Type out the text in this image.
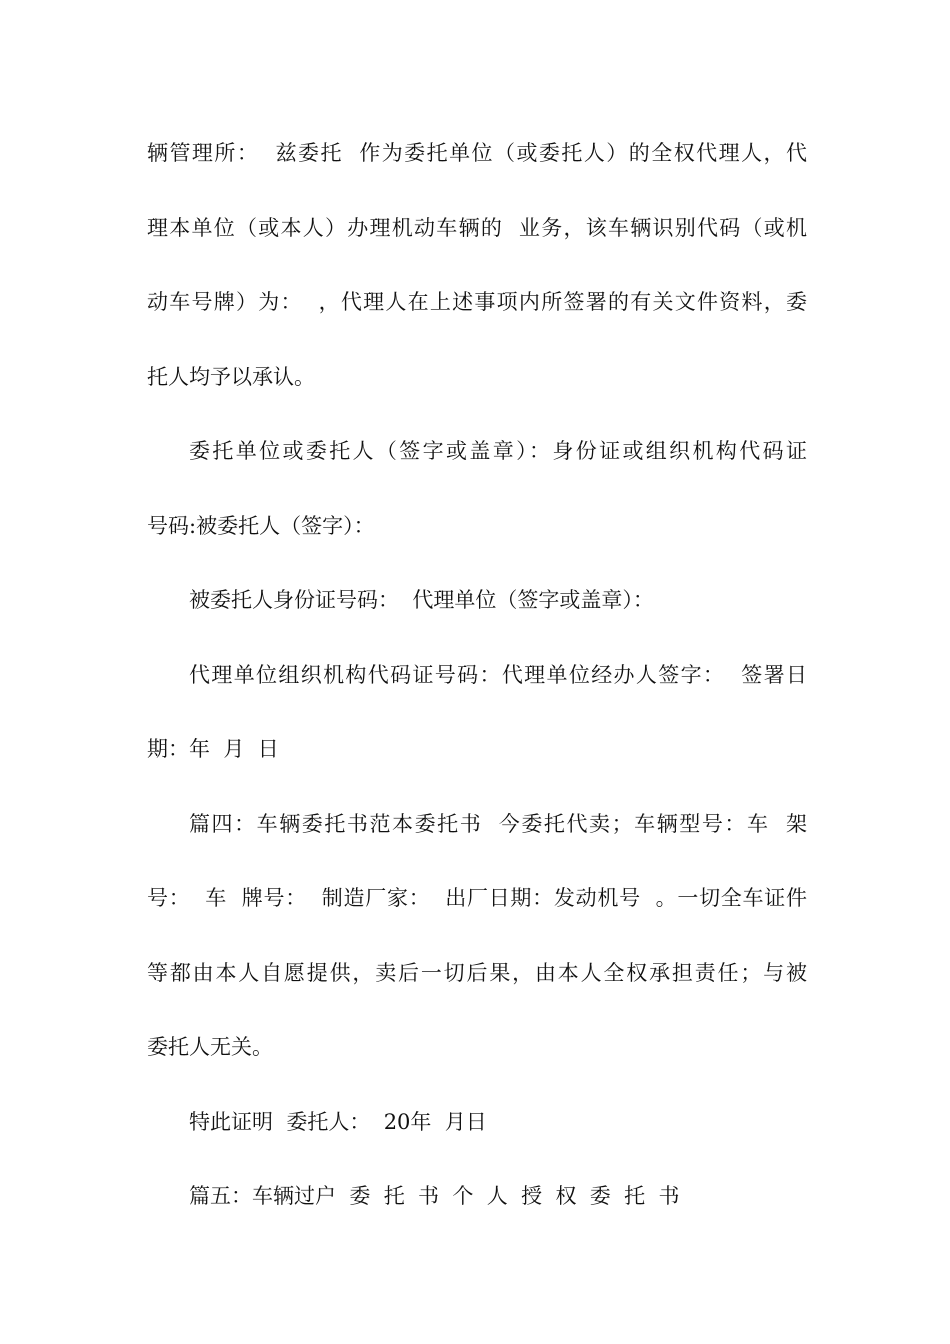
辆管理所：  兹委托  作为委托单位（或委托人）的全权代理人，代
理本单位（或本人）办理机动车辆的  业务，该车辆识别代码（或机
动车号牌）为：  ，代理人在上述事项内所签署的有关文件资料，委
托人均予以承认。
委托单位或委托人（签字或盖章）：身份证或组织机构代码证
号码:被委托人（签字）：
被委托人身份证号码：  代理单位（签字或盖章）：
代理单位组织机构代码证号码：代理单位经办人签字：  签署日
期：年  月  日
篇四：车辆委托书范本委托书  今委托代卖；车辆型号：车  架
号：  车  牌号：  制造厂家：  出厂日期：发动机号  。一切全车证件
等都由本人自愿提供，卖后一切后果，由本人全权承担责任；与被
委托人无关。
特此证明  委托人：  20年  月日
篇五：车辆过户  委  托  书  个  人  授  权  委  托  书
